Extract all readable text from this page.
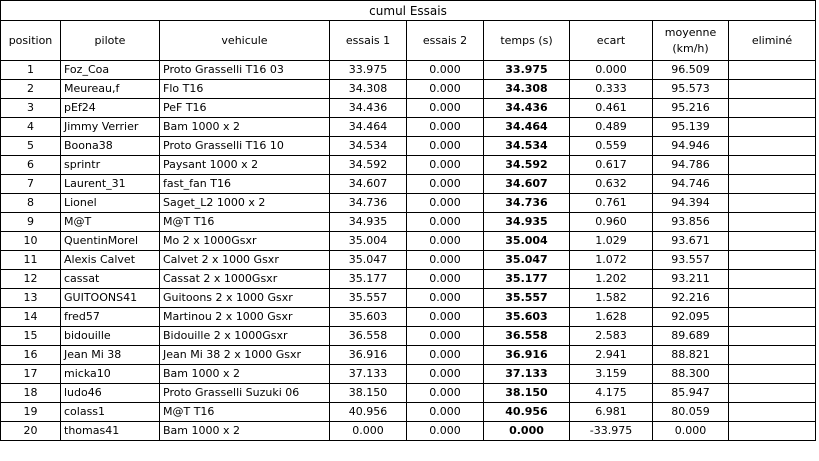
cumul Essais								
position	pilote	vehicule	essais 1	essais 2	temps (s)	ecart	moyenne (km/h)	eliminé
1	Foz_Coa	Proto Grasselli T16 03	33.975	0.000	33.975	0.000	96.509	
2	Meureau,f	Flo T16	34.308	0.000	34.308	0.333	95.573	
3	pEf24	PeF T16	34.436	0.000	34.436	0.461	95.216	
4	Jimmy Verrier	Bam 1000 x 2	34.464	0.000	34.464	0.489	95.139	
5	Boona38	Proto Grasselli T16 10	34.534	0.000	34.534	0.559	94.946	
6	sprintr	Paysant 1000 x 2	34.592	0.000	34.592	0.617	94.786	
7	Laurent_31	fast_fan T16	34.607	0.000	34.607	0.632	94.746	
8	Lionel	Saget_L2 1000 x 2	34.736	0.000	34.736	0.761	94.394	
9	M@T	M@T T16	34.935	0.000	34.935	0.960	93.856	
10	QuentinMorel	Mo 2 x 1000Gsxr	35.004	0.000	35.004	1.029	93.671	
11	Alexis Calvet	Calvet 2 x 1000 Gsxr	35.047	0.000	35.047	1.072	93.557	
12	cassat	Cassat 2 x 1000Gsxr	35.177	0.000	35.177	1.202	93.211	
13	GUITOONS41	Guitoons 2 x 1000 Gsxr	35.557	0.000	35.557	1.582	92.216	
14	fred57	Martinou 2 x 1000 Gsxr	35.603	0.000	35.603	1.628	92.095	
15	bidouille	Bidouille 2 x 1000Gsxr	36.558	0.000	36.558	2.583	89.689	
16	Jean Mi 38	Jean Mi 38 2 x 1000 Gsxr	36.916	0.000	36.916	2.941	88.821	
17	micka10	Bam 1000 x 2	37.133	0.000	37.133	3.159	88.300	
18	ludo46	Proto Grasselli Suzuki 06	38.150	0.000	38.150	4.175	85.947	
19	colass1	M@T T16	40.956	0.000	40.956	6.981	80.059	
20	thomas41	Bam 1000 x 2	0.000	0.000	0.000	-33.975	0.000	
